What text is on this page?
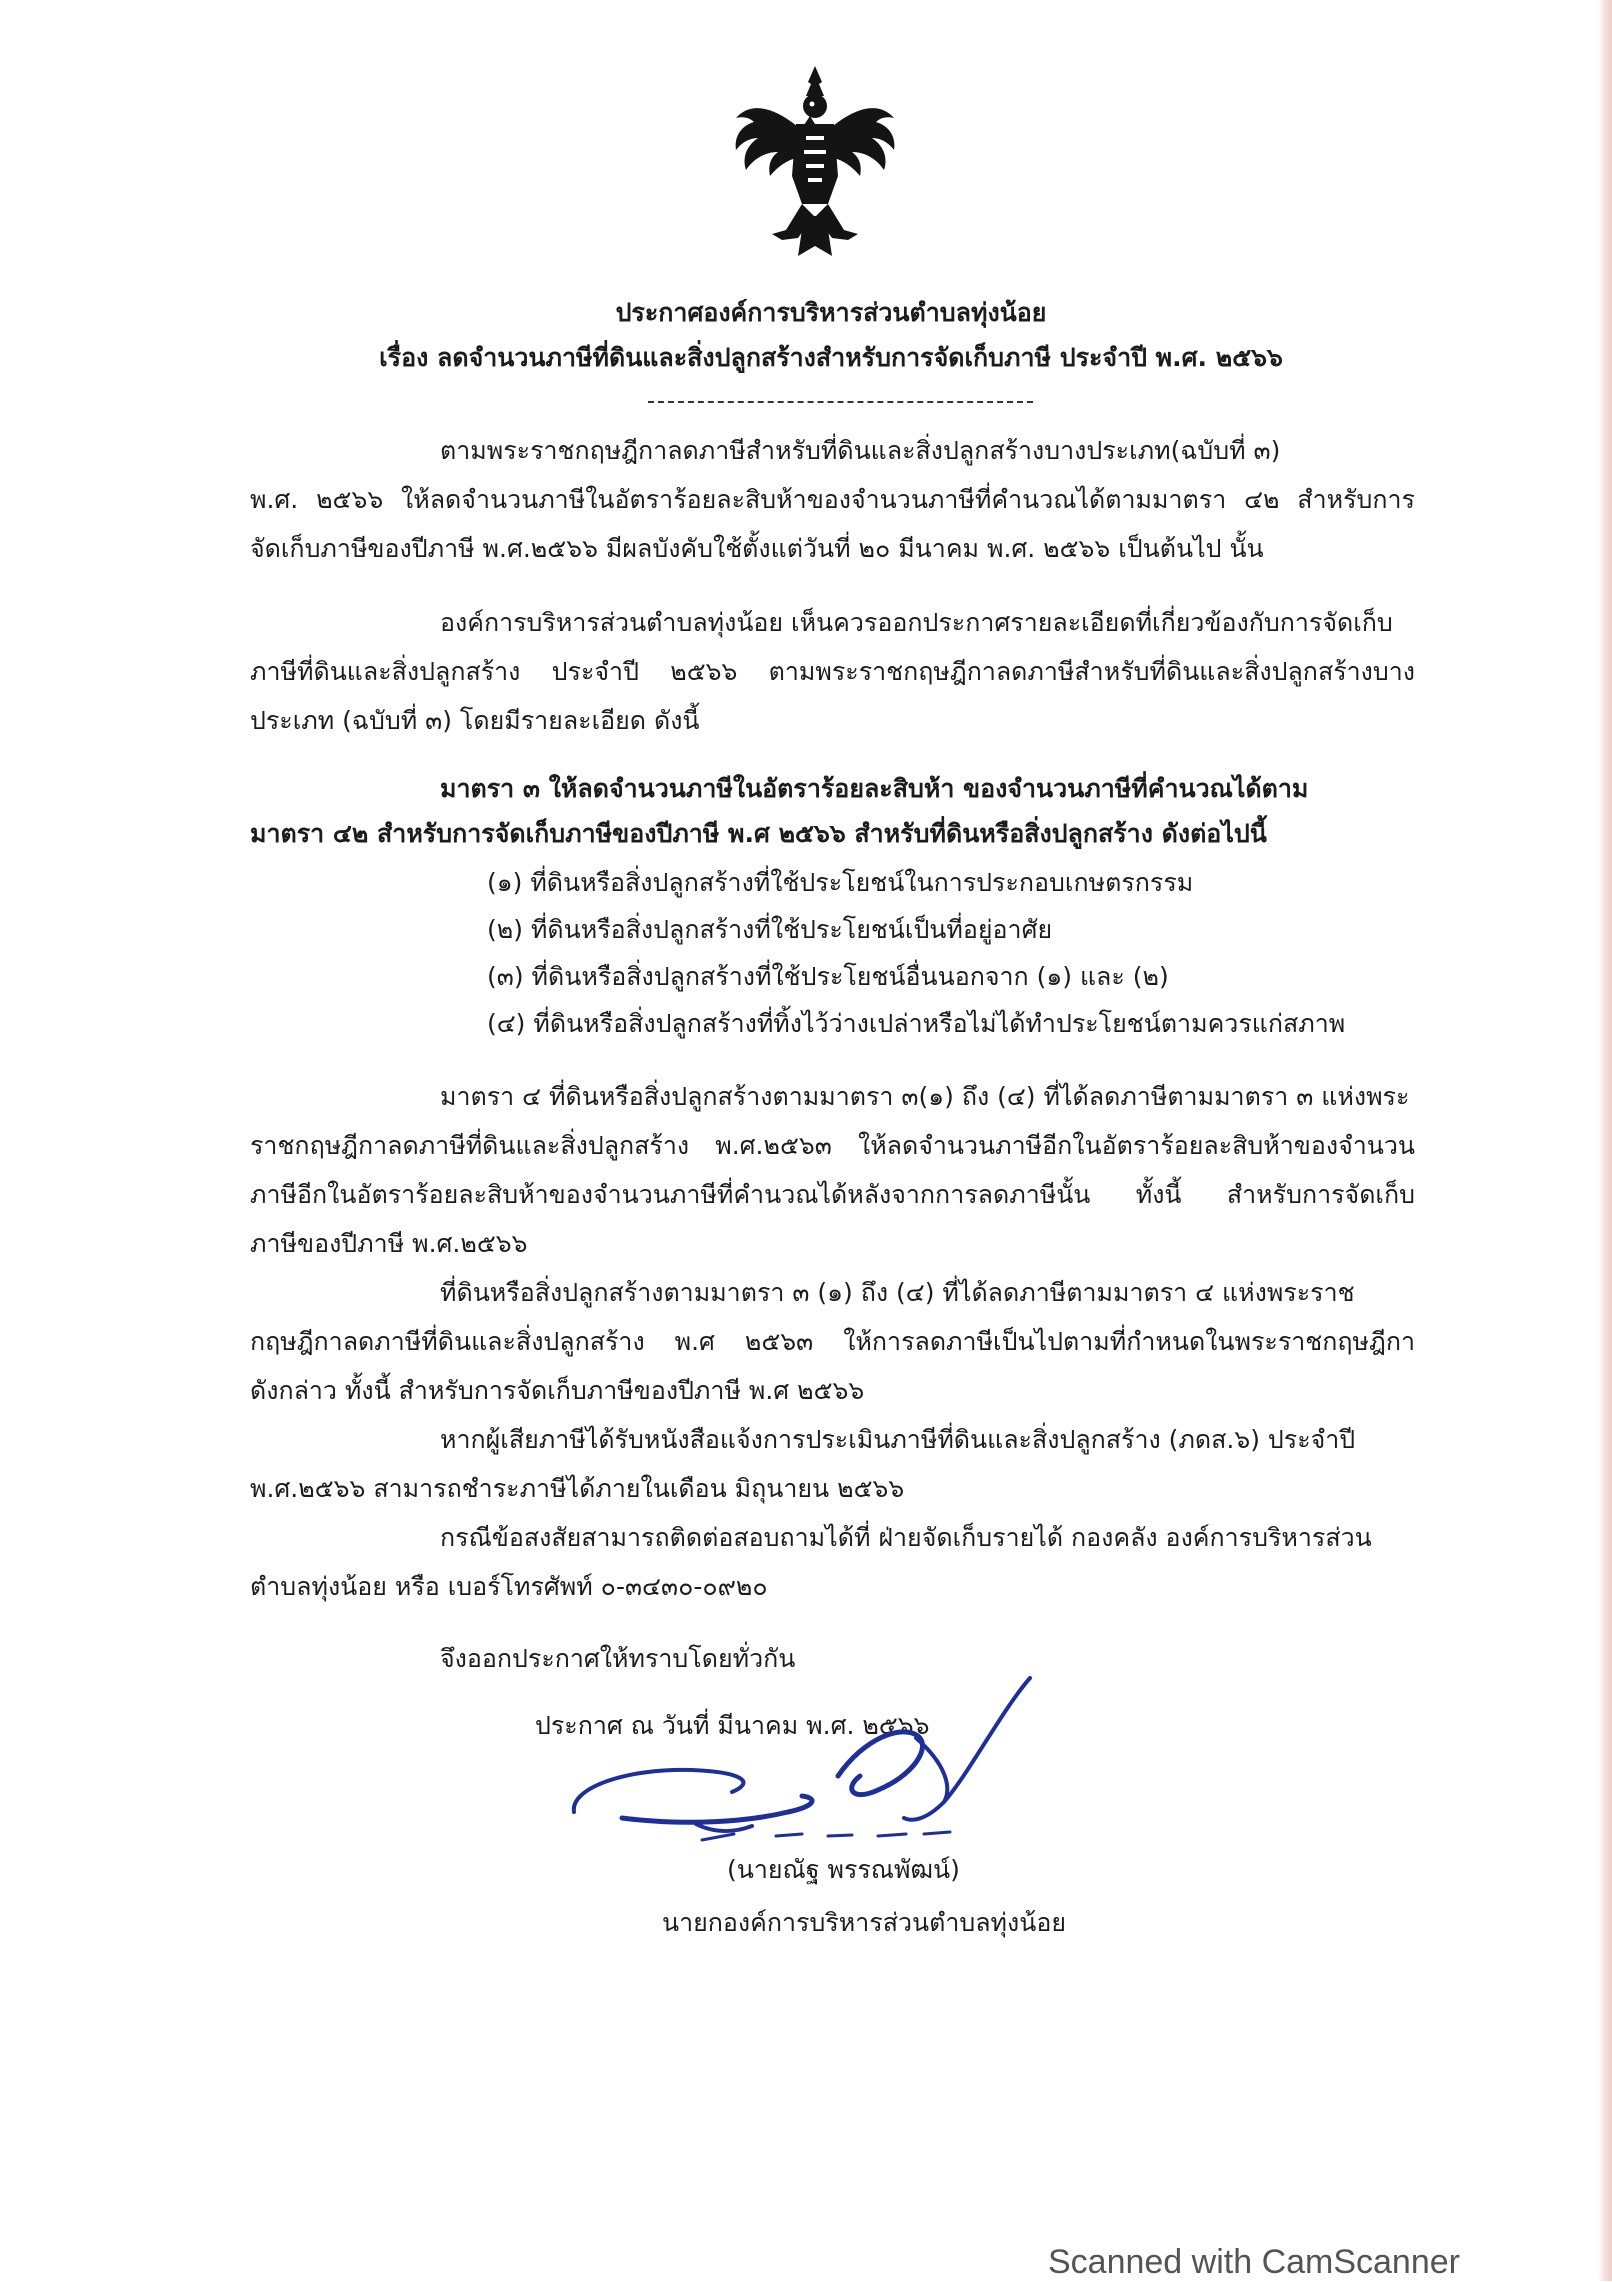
ประกาศองค์การบริหารส่วนตำบลทุ่งน้อย
เรื่อง ลดจำนวนภาษีที่ดินและสิ่งปลูกสร้างสำหรับการจัดเก็บภาษี ประจำปี พ.ศ. ๒๕๖๖
ตามพระราชกฤษฎีกาลดภาษีสำหรับที่ดินและสิ่งปลูกสร้างบางประเภท(ฉบับที่ ๓)
พ.ศ. ๒๕๖๖ ให้ลดจำนวนภาษีในอัตราร้อยละสิบห้าของจำนวนภาษีที่คำนวณได้ตามมาตรา ๔๒ สำหรับการ
จัดเก็บภาษีของปีภาษี พ.ศ.๒๕๖๖ มีผลบังคับใช้ตั้งแต่วันที่ ๒๐ มีนาคม พ.ศ. ๒๕๖๖ เป็นต้นไป นั้น
องค์การบริหารส่วนตำบลทุ่งน้อย เห็นควรออกประกาศรายละเอียดที่เกี่ยวข้องกับการจัดเก็บ
ภาษีที่ดินและสิ่งปลูกสร้าง ประจำปี ๒๕๖๖ ตามพระราชกฤษฎีกาลดภาษีสำหรับที่ดินและสิ่งปลูกสร้างบาง
ประเภท (ฉบับที่ ๓) โดยมีรายละเอียด ดังนี้
มาตรา ๓ ให้ลดจำนวนภาษีในอัตราร้อยละสิบห้า ของจำนวนภาษีที่คำนวณได้ตาม
มาตรา ๔๒ สำหรับการจัดเก็บภาษีของปีภาษี พ.ศ ๒๕๖๖ สำหรับที่ดินหรือสิ่งปลูกสร้าง ดังต่อไปนี้
(๑) ที่ดินหรือสิ่งปลูกสร้างที่ใช้ประโยชน์ในการประกอบเกษตรกรรม
(๒) ที่ดินหรือสิ่งปลูกสร้างที่ใช้ประโยชน์เป็นที่อยู่อาศัย
(๓) ที่ดินหรือสิ่งปลูกสร้างที่ใช้ประโยชน์อื่นนอกจาก (๑) และ (๒)
(๔) ที่ดินหรือสิ่งปลูกสร้างที่ทิ้งไว้ว่างเปล่าหรือไม่ได้ทำประโยชน์ตามควรแก่สภาพ
มาตรา ๔ ที่ดินหรือสิ่งปลูกสร้างตามมาตรา ๓(๑) ถึง (๔) ที่ได้ลดภาษีตามมาตรา ๓ แห่งพระ
ราชกฤษฎีกาลดภาษีที่ดินและสิ่งปลูกสร้าง พ.ศ.๒๕๖๓ ให้ลดจำนวนภาษีอีกในอัตราร้อยละสิบห้าของจำนวน
ภาษีอีกในอัตราร้อยละสิบห้าของจำนวนภาษีที่คำนวณได้หลังจากการลดภาษีนั้น ทั้งนี้ สำหรับการจัดเก็บ
ภาษีของปีภาษี พ.ศ.๒๕๖๖
ที่ดินหรือสิ่งปลูกสร้างตามมาตรา ๓ (๑) ถึง (๔) ที่ได้ลดภาษีตามมาตรา ๔ แห่งพระราช
กฤษฎีกาลดภาษีที่ดินและสิ่งปลูกสร้าง พ.ศ ๒๕๖๓ ให้การลดภาษีเป็นไปตามที่กำหนดในพระราชกฤษฎีกา
ดังกล่าว ทั้งนี้ สำหรับการจัดเก็บภาษีของปีภาษี พ.ศ ๒๕๖๖
หากผู้เสียภาษีได้รับหนังสือแจ้งการประเมินภาษีที่ดินและสิ่งปลูกสร้าง (ภดส.๖) ประจำปี
พ.ศ.๒๕๖๖ สามารถชำระภาษีได้ภายในเดือน มิถุนายน ๒๕๖๖
กรณีข้อสงสัยสามารถติดต่อสอบถามได้ที่ ฝ่ายจัดเก็บรายได้ กองคลัง องค์การบริหารส่วน
ตำบลทุ่งน้อย หรือ เบอร์โทรศัพท์ ๐-๓๔๓๐-๐๙๒๐
จึงออกประกาศให้ทราบโดยทั่วกัน
ประกาศ ณ วันที่ มีนาคม พ.ศ. ๒๕๖๖
(นายณัฐ พรรณพัฒน์)
นายกองค์การบริหารส่วนตำบลทุ่งน้อย
Scanned with CamScanner
